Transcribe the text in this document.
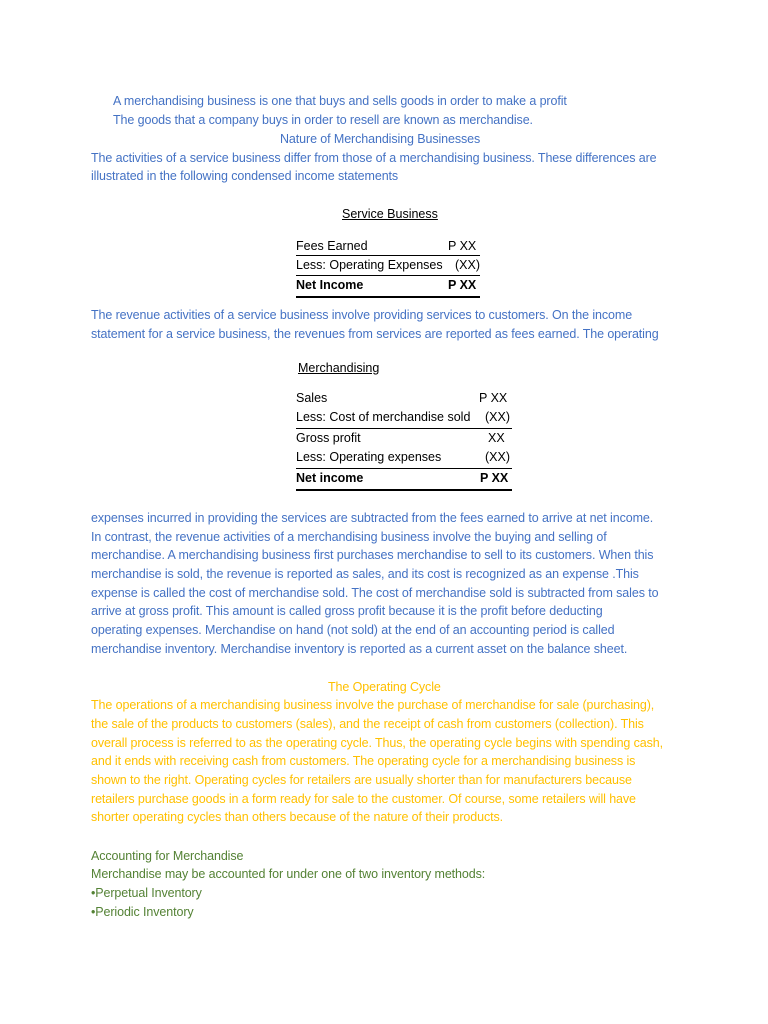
A merchandising business is one that buys and sells goods in order to make a profit
The goods that a company buys in order to resell are known as merchandise.
Nature of Merchandising Businesses
The activities of a service business differ from those of a merchandising business. These differences are
illustrated in the following condensed income statements
Service Business
Fees Earned	P XX
Less: Operating Expenses (XX)
Net Income	P XX
The revenue activities of a service business involve providing services to customers. On the income
statement for a service business, the revenues from services are reported as fees earned. The operating
Merchandising
Sales	P XX
Less: Cost of merchandise sold (XX)
Gross profit	XX
Less: Operating expenses	(XX)
Net income	P XX
expenses incurred in providing the services are subtracted from the fees earned to arrive at net income.
In contrast, the revenue activities of a merchandising business involve the buying and selling of
merchandise. A merchandising business first purchases merchandise to sell to its customers. When this
merchandise is sold, the revenue is reported as sales, and its cost is recognized as an expense .This
expense is called the cost of merchandise sold. The cost of merchandise sold is subtracted from sales to
arrive at gross profit. This amount is called gross profit because it is the profit before deducting
operating expenses. Merchandise on hand (not sold) at the end of an accounting period is called
merchandise inventory. Merchandise inventory is reported as a current asset on the balance sheet.
The Operating Cycle
The operations of a merchandising business involve the purchase of merchandise for sale (purchasing),
the sale of the products to customers (sales), and the receipt of cash from customers (collection). This
overall process is referred to as the operating cycle. Thus, the operating cycle begins with spending cash,
and it ends with receiving cash from customers. The operating cycle for a merchandising business is
shown to the right. Operating cycles for retailers are usually shorter than for manufacturers because
retailers purchase goods in a form ready for sale to the customer. Of course, some retailers will have
shorter operating cycles than others because of the nature of their products.
Accounting for Merchandise
Merchandise may be accounted for under one of two inventory methods:
•Perpetual Inventory
•Periodic Inventory
